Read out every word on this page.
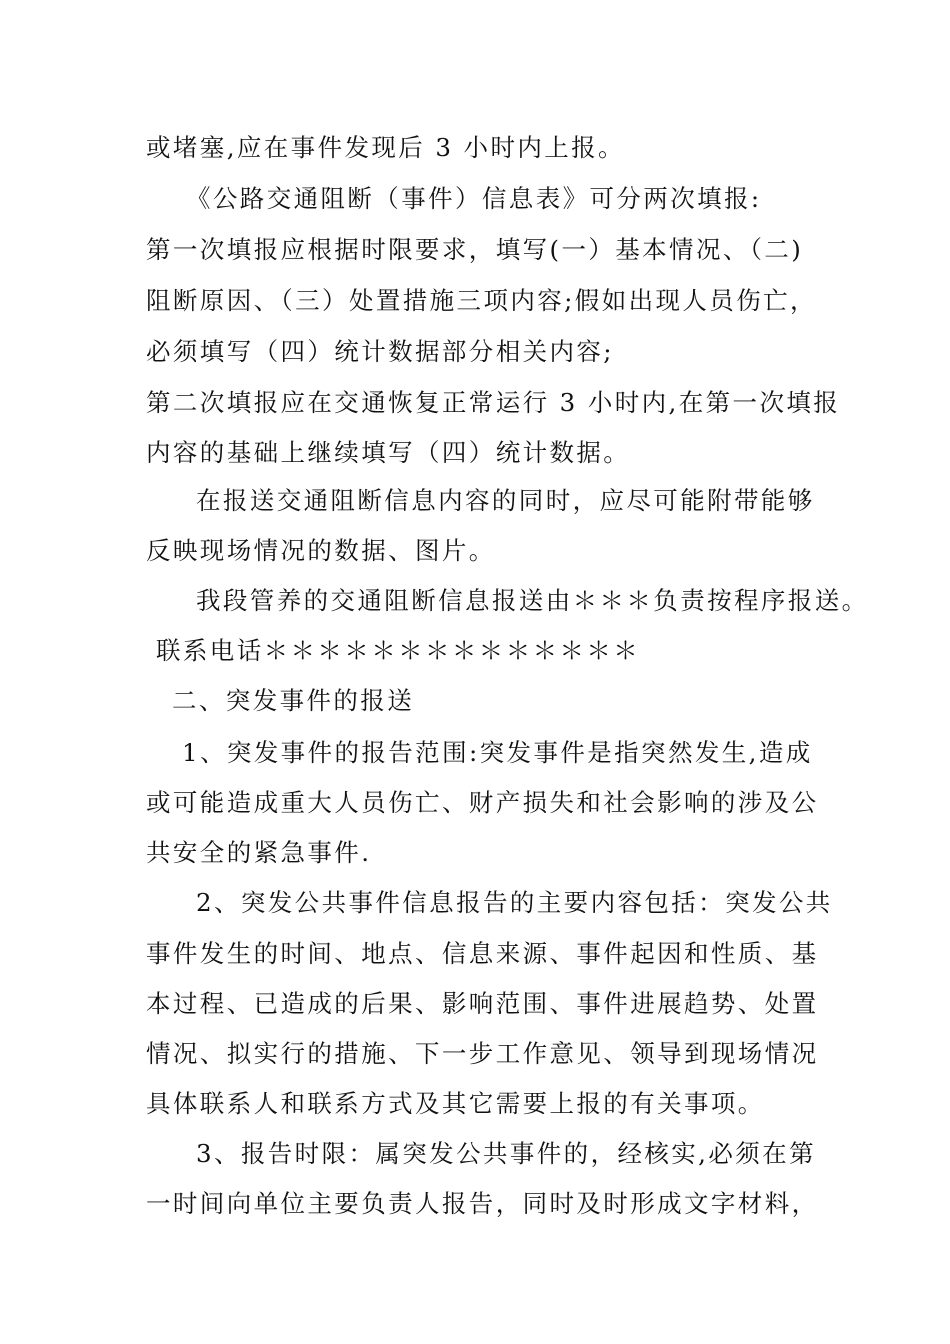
或堵塞,应在事件发现后 3 小时内上报。
《公路交通阻断（事件）信息表》可分两次填报:
第一次填报应根据时限要求，填写(一）基本情况、（二)
阻断原因、（三）处置措施三项内容;假如出现人员伤亡，
必须填写（四）统计数据部分相关内容;
第二次填报应在交通恢复正常运行 3 小时内,在第一次填报
内容的基础上继续填写（四）统计数据。
在报送交通阻断信息内容的同时，应尽可能附带能够
反映现场情况的数据、图片。
我段管养的交通阻断信息报送由＊＊＊负责按程序报送。
联系电话＊＊＊＊＊＊＊＊＊＊＊＊＊＊
二、突发事件的报送
1、突发事件的报告范围:突发事件是指突然发生,造成
或可能造成重大人员伤亡、财产损失和社会影响的涉及公
共安全的紧急事件.
2、突发公共事件信息报告的主要内容包括：突发公共
事件发生的时间、地点、信息来源、事件起因和性质、基
本过程、已造成的后果、影响范围、事件进展趋势、处置
情况、拟实行的措施、下一步工作意见、领导到现场情况
具体联系人和联系方式及其它需要上报的有关事项。
3、报告时限：属突发公共事件的，经核实,必须在第
一时间向单位主要负责人报告，同时及时形成文字材料，
